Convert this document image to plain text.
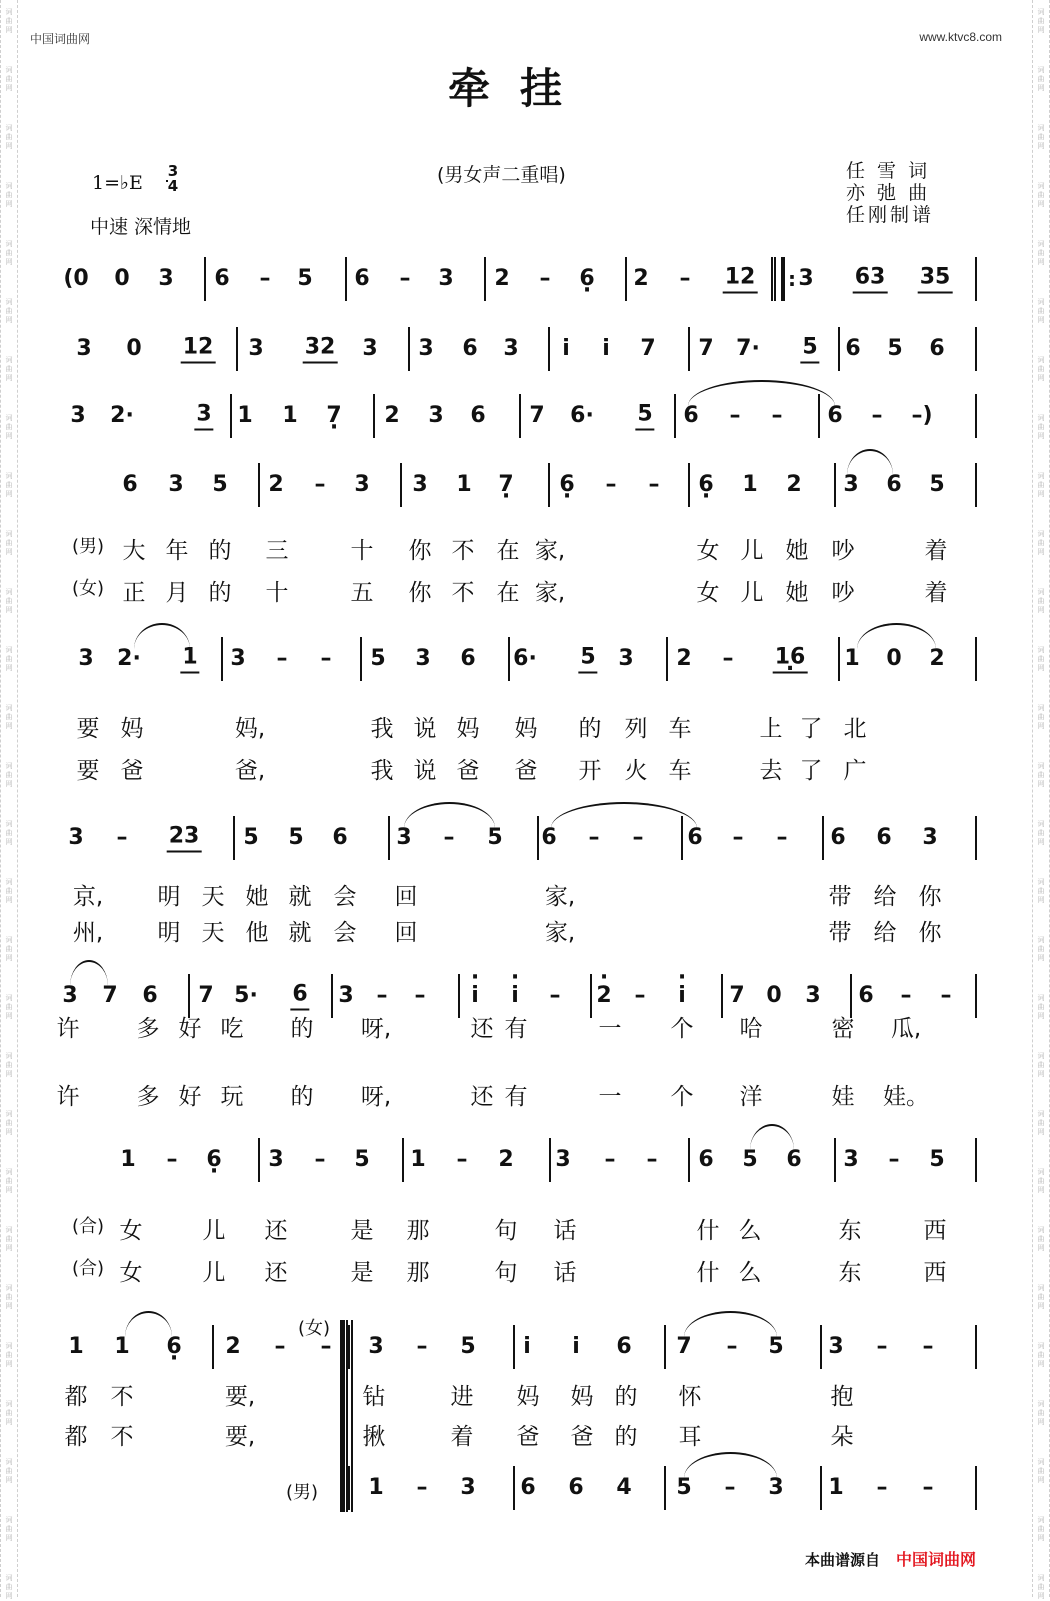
词
曲
网
词
曲
网
词
曲
网
词
曲
网
词
曲
网
词
曲
网
词
曲
网
词
曲
网
词
曲
网
词
曲
网
词
曲
网
词
曲
网
词
曲
网
词
曲
网
词
曲
网
词
曲
网
词
曲
网
词
曲
网
词
曲
网
词
曲
网
词
曲
网
词
曲
网
词
曲
网
词
曲
网
词
曲
网
词
曲
网
词
曲
网
词
曲
网
词
曲
网
词
曲
网
词
曲
网
词
曲
网
词
曲
网
词
曲
网
词
曲
网
词
曲
网
词
曲
网
词
曲
网
词
曲
网
词
曲
网
词
曲
网
词
曲
网
词
曲
网
词
曲
网
词
曲
网
词
曲
网
词
曲
网
词
曲
网
词
曲
网
词
曲
网
词
曲
网
词
曲
网
词
曲
网
词
曲
网
词
曲
网
词
曲
网
中国词曲网	www.ktvc8.com
牵挂
1=♭E
3
4
中速 深情地
(男女声二重唱)	任 雪 词
亦 弛 曲
任刚制谱
(0 0 3 6 – 5 6 – 3 2 – 6 · 2 – 12 3 63 35
3 0 12 3 32 3 3 6 3 i i 7 7 7· 5 6 5 6
3 2·	3 1 1 7 · 2 3 6 7 6· 5 6 – – 6 – –)
6 3 5 2 – 3 3 1 7 · 6 · – – 6 · 1 2 3 6 5
3 2· 1 3 – – 5 3 6 6· 5 3 2 – 16 · 1 0 2
3 – 23 5 5 6 3 – 5 6 – – 6 – – 6 6 3
3 7 6 7 5· 6 3 – – · i · i – · 2 – · i 7 0 3 6 – –
1 – 6 · 3 – 5 1 – 2 3 – – 6 5 6 3 – 5
1 1 6 · 2 – – 3 – 5 i i 6 7 – 5 3 – –
1 – 3 6 6 4 5 – 3 1 – –
:
(男) 大 年 的 三	十 你 不 在 家,	女 儿 她 吵	着
(女) 正 月 的 十	五 你 不 在 家,	女 儿 她 吵	着
要 妈	妈,	我 说 妈 妈 的 列 车	上 了 北
要 爸	爸,	我 说 爸 爸 开 火 车	去 了 广
京, 明 天 她 就 会 回	家,	带 给 你
州, 明 天 他 就 会 回	家,	带 给 你
许 多 好 吃 的 呀,	还 有	一 个 哈	密 瓜,
许 多 好 玩 的 呀,	还 有	一 个 洋	娃 娃。
(合) 女	儿 还	是 那	句 话	什 么	东	西
(合) 女	儿 还	是 那	句 话	什 么	东	西
都 不	要,	钻	进 妈 妈 的 怀	抱
都 不	要,	揪	着 爸 爸 的 耳	朵
(女)
(男)
本曲谱源自 中国词曲网
